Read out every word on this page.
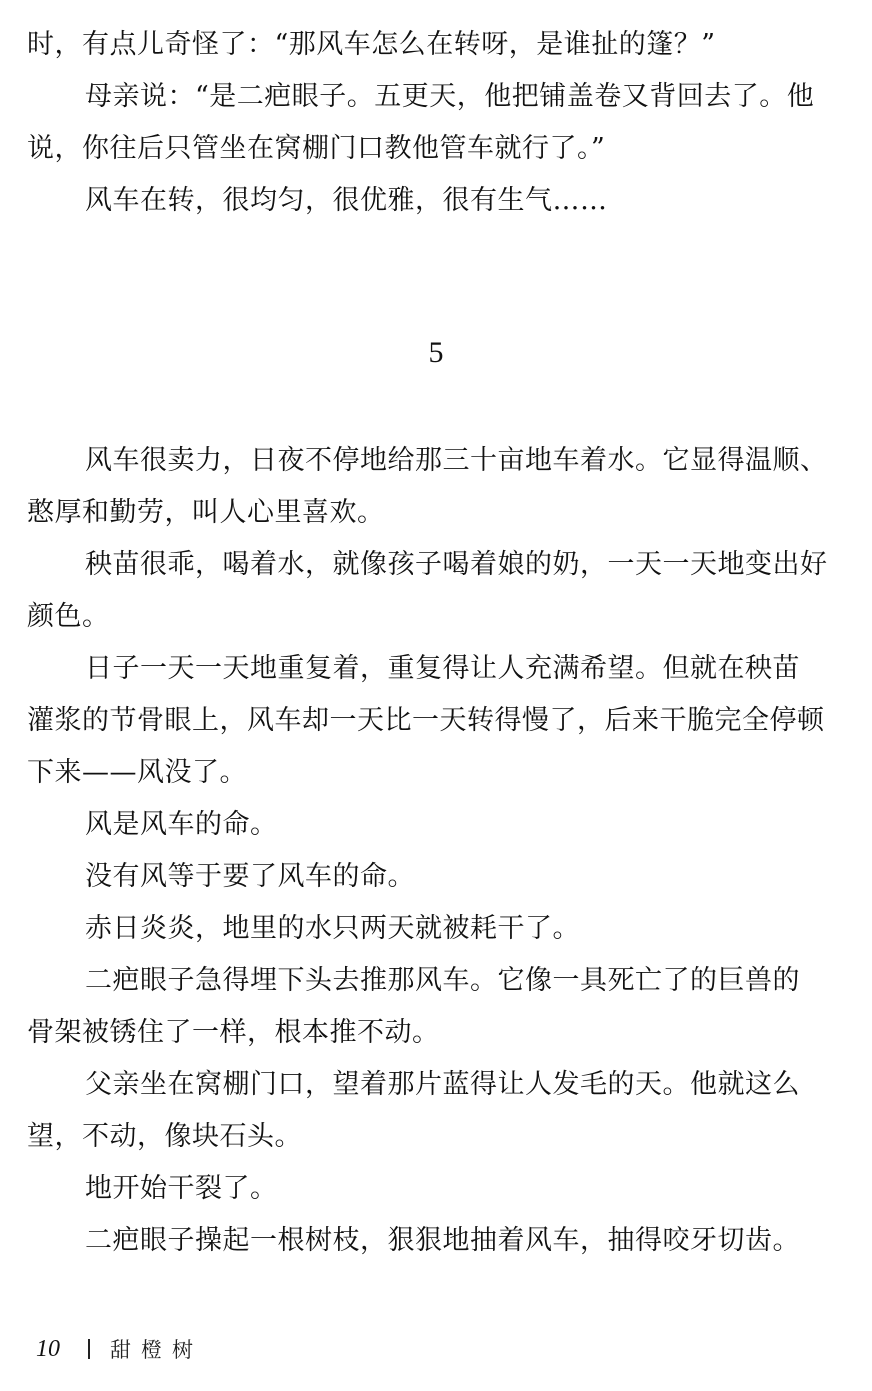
时，有点儿奇怪了：“那风车怎么在转呀，是谁扯的篷？”
母亲说：“是二疤眼子。五更天，他把铺盖卷又背回去了。他
说，你往后只管坐在窝棚门口教他管车就行了。”
风车在转，很均匀，很优雅，很有生气……
5
风车很卖力，日夜不停地给那三十亩地车着水。它显得温顺、
憨厚和勤劳，叫人心里喜欢。
秧苗很乖，喝着水，就像孩子喝着娘的奶，一天一天地变出好
颜色。
日子一天一天地重复着，重复得让人充满希望。但就在秧苗
灌浆的节骨眼上，风车却一天比一天转得慢了，后来干脆完全停顿
下来——风没了。
风是风车的命。
没有风等于要了风车的命。
赤日炎炎，地里的水只两天就被耗干了。
二疤眼子急得埋下头去推那风车。它像一具死亡了的巨兽的
骨架被锈住了一样，根本推不动。
父亲坐在窝棚门口，望着那片蓝得让人发毛的天。他就这么
望，不动，像块石头。
地开始干裂了。
二疤眼子操起一根树枝，狠狠地抽着风车，抽得咬牙切齿。
10 甜橙树
